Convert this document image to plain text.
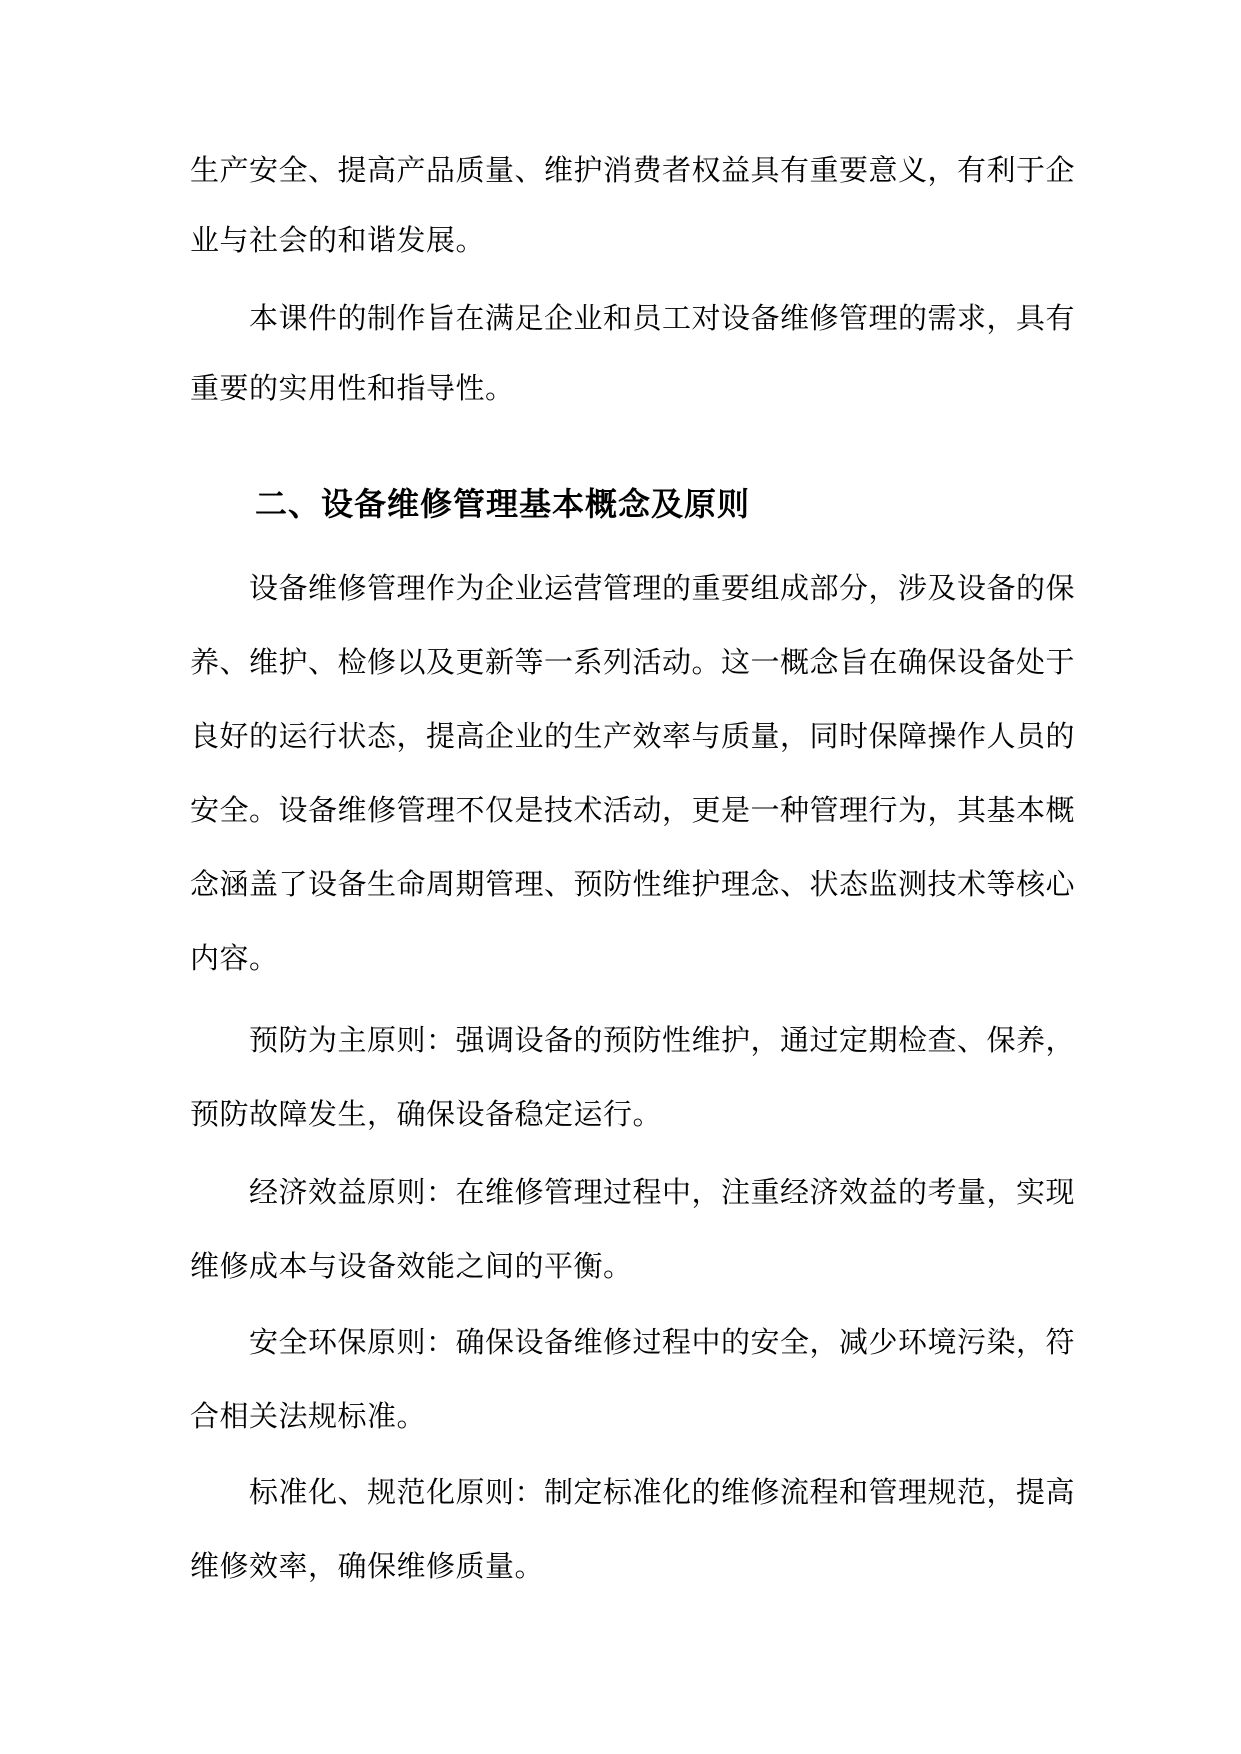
生产安全、提高产品质量、维护消费者权益具有重要意义，有利于企
业与社会的和谐发展。
　　本课件的制作旨在满足企业和员工对设备维修管理的需求，具有
重要的实用性和指导性。
二、设备维修管理基本概念及原则
　　设备维修管理作为企业运营管理的重要组成部分，涉及设备的保
养、维护、检修以及更新等一系列活动。这一概念旨在确保设备处于
良好的运行状态，提高企业的生产效率与质量，同时保障操作人员的
安全。设备维修管理不仅是技术活动，更是一种管理行为，其基本概
念涵盖了设备生命周期管理、预防性维护理念、状态监测技术等核心
内容。
　　预防为主原则：强调设备的预防性维护，通过定期检查、保养，
预防故障发生，确保设备稳定运行。
　　经济效益原则：在维修管理过程中，注重经济效益的考量，实现
维修成本与设备效能之间的平衡。
　　安全环保原则：确保设备维修过程中的安全，减少环境污染，符
合相关法规标准。
　　标准化、规范化原则：制定标准化的维修流程和管理规范，提高
维修效率，确保维修质量。
